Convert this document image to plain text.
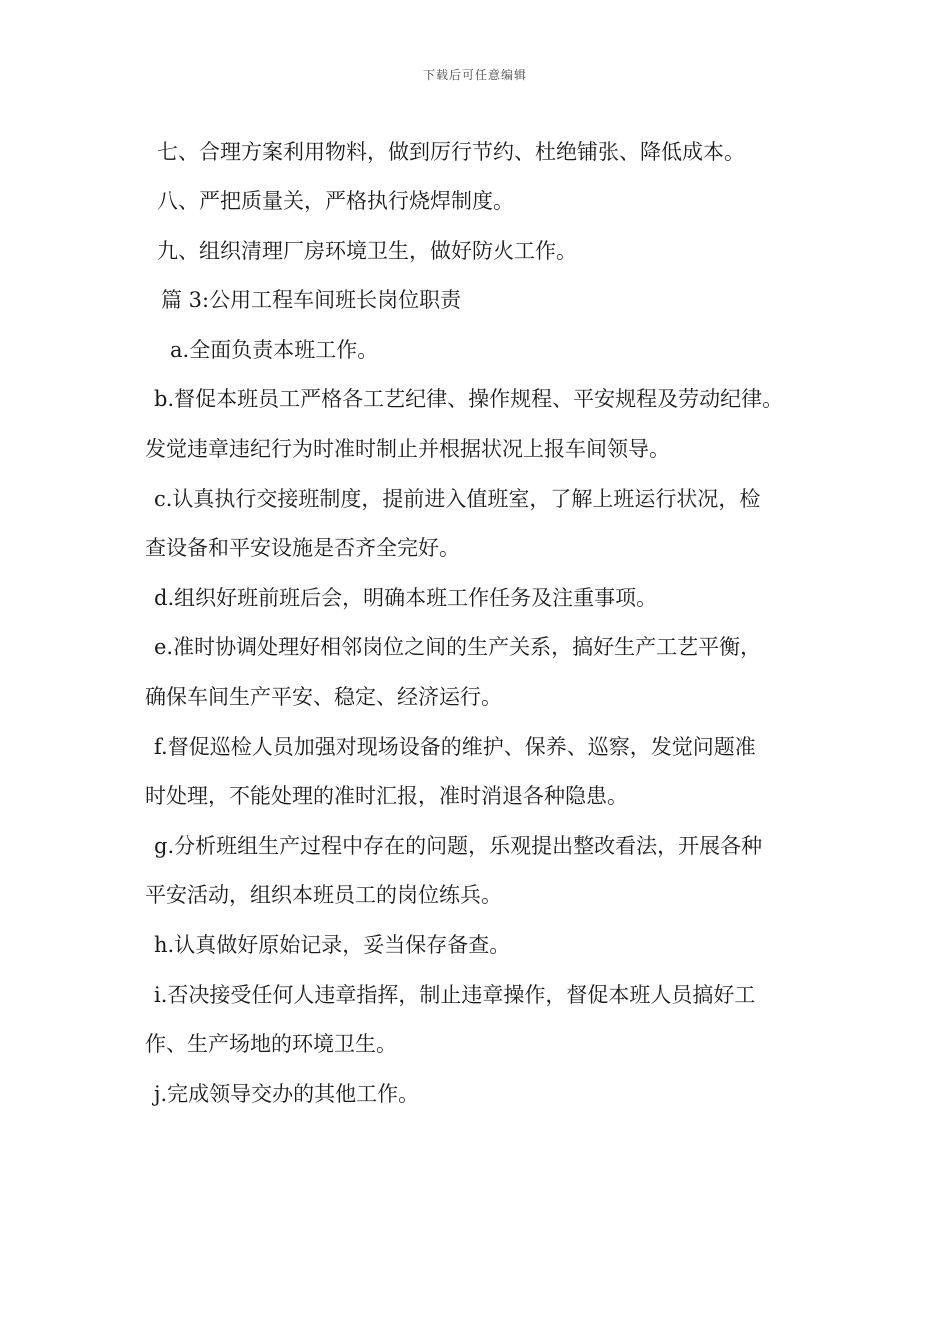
下载后可任意编辑
七、合理方案利用物料，做到厉行节约、杜绝铺张、降低成本。
八、严把质量关，严格执行烧焊制度。
九、组织清理厂房环境卫生，做好防火工作。
篇 3:公用工程车间班长岗位职责
a.全面负责本班工作。
b.督促本班员工严格各工艺纪律、操作规程、平安规程及劳动纪律。
发觉违章违纪行为时准时制止并根据状况上报车间领导。
c.认真执行交接班制度，提前进入值班室，了解上班运行状况，检
查设备和平安设施是否齐全完好。
d.组织好班前班后会，明确本班工作任务及注重事项。
e.准时协调处理好相邻岗位之间的生产关系，搞好生产工艺平衡，
确保车间生产平安、稳定、经济运行。
f.督促巡检人员加强对现场设备的维护、保养、巡察，发觉问题准
时处理，不能处理的准时汇报，准时消退各种隐患。
g.分析班组生产过程中存在的问题，乐观提出整改看法，开展各种
平安活动，组织本班员工的岗位练兵。
h.认真做好原始记录，妥当保存备查。
i.否决接受任何人违章指挥，制止违章操作，督促本班人员搞好工
作、生产场地的环境卫生。
j.完成领导交办的其他工作。
